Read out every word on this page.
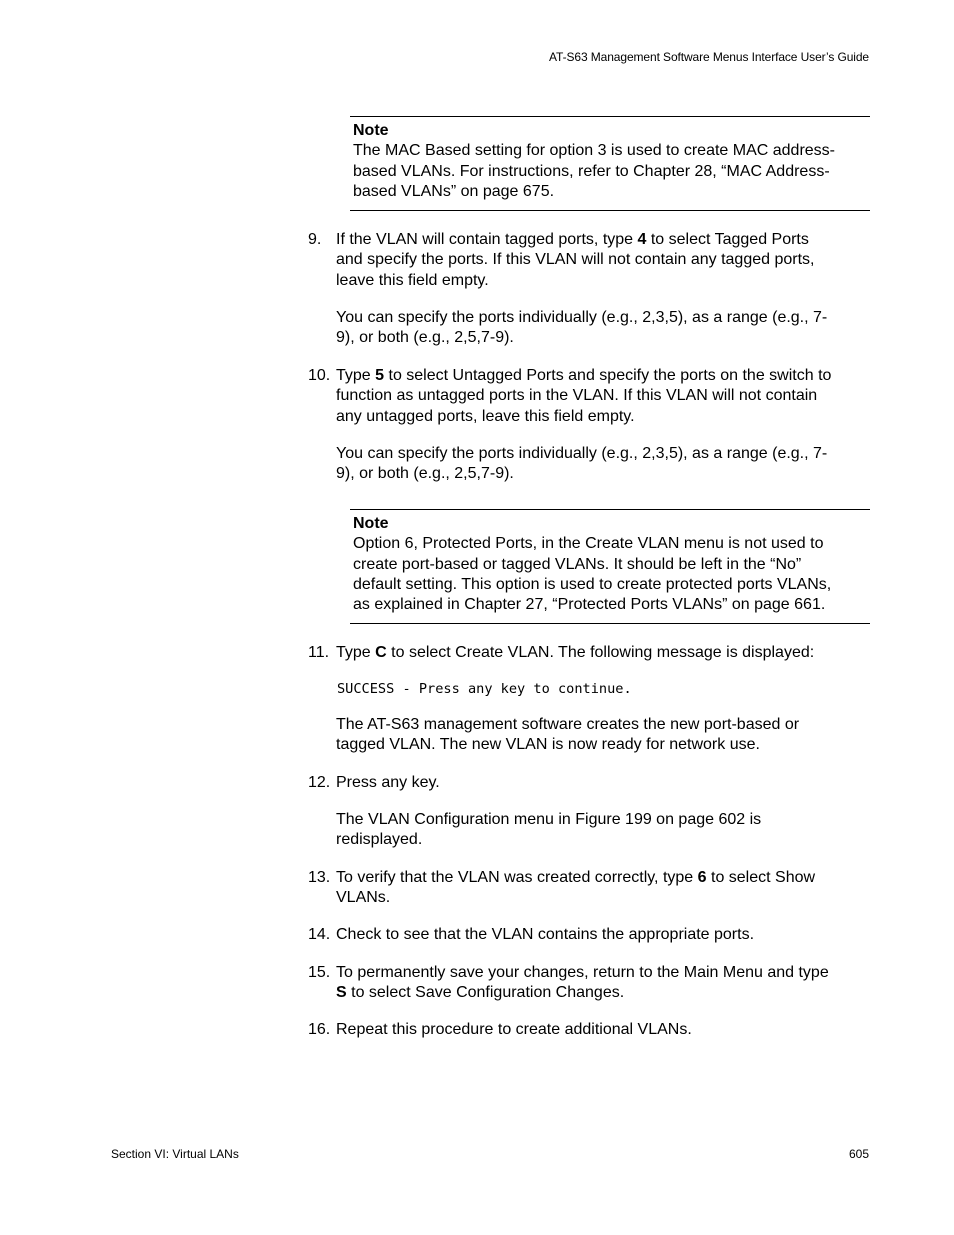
AT-S63 Management Software Menus Interface User’s Guide
Note
The MAC Based setting for option 3 is used to create MAC address-
based VLANs. For instructions, refer to Chapter 28, “MAC Address-
based VLANs” on page 675.
9. If the VLAN will contain tagged ports, type 4 to select Tagged Ports
and specify the ports. If this VLAN will not contain any tagged ports,
leave this field empty.
You can specify the ports individually (e.g., 2,3,5), as a range (e.g., 7-
9), or both (e.g., 2,5,7-9).
10. Type 5 to select Untagged Ports and specify the ports on the switch to
function as untagged ports in the VLAN. If this VLAN will not contain
any untagged ports, leave this field empty.
You can specify the ports individually (e.g., 2,3,5), as a range (e.g., 7-
9), or both (e.g., 2,5,7-9).
Note
Option 6, Protected Ports, in the Create VLAN menu is not used to
create port-based or tagged VLANs. It should be left in the “No”
default setting. This option is used to create protected ports VLANs,
as explained in Chapter 27, “Protected Ports VLANs” on page 661.
11. Type C to select Create VLAN. The following message is displayed:
SUCCESS - Press any key to continue.
The AT-S63 management software creates the new port-based or
tagged VLAN. The new VLAN is now ready for network use.
12. Press any key.
The VLAN Configuration menu in Figure 199 on page 602 is
redisplayed.
13. To verify that the VLAN was created correctly, type 6 to select Show
VLANs.
14. Check to see that the VLAN contains the appropriate ports.
15. To permanently save your changes, return to the Main Menu and type
S to select Save Configuration Changes.
16. Repeat this procedure to create additional VLANs.
Section VI: Virtual LANs	605
